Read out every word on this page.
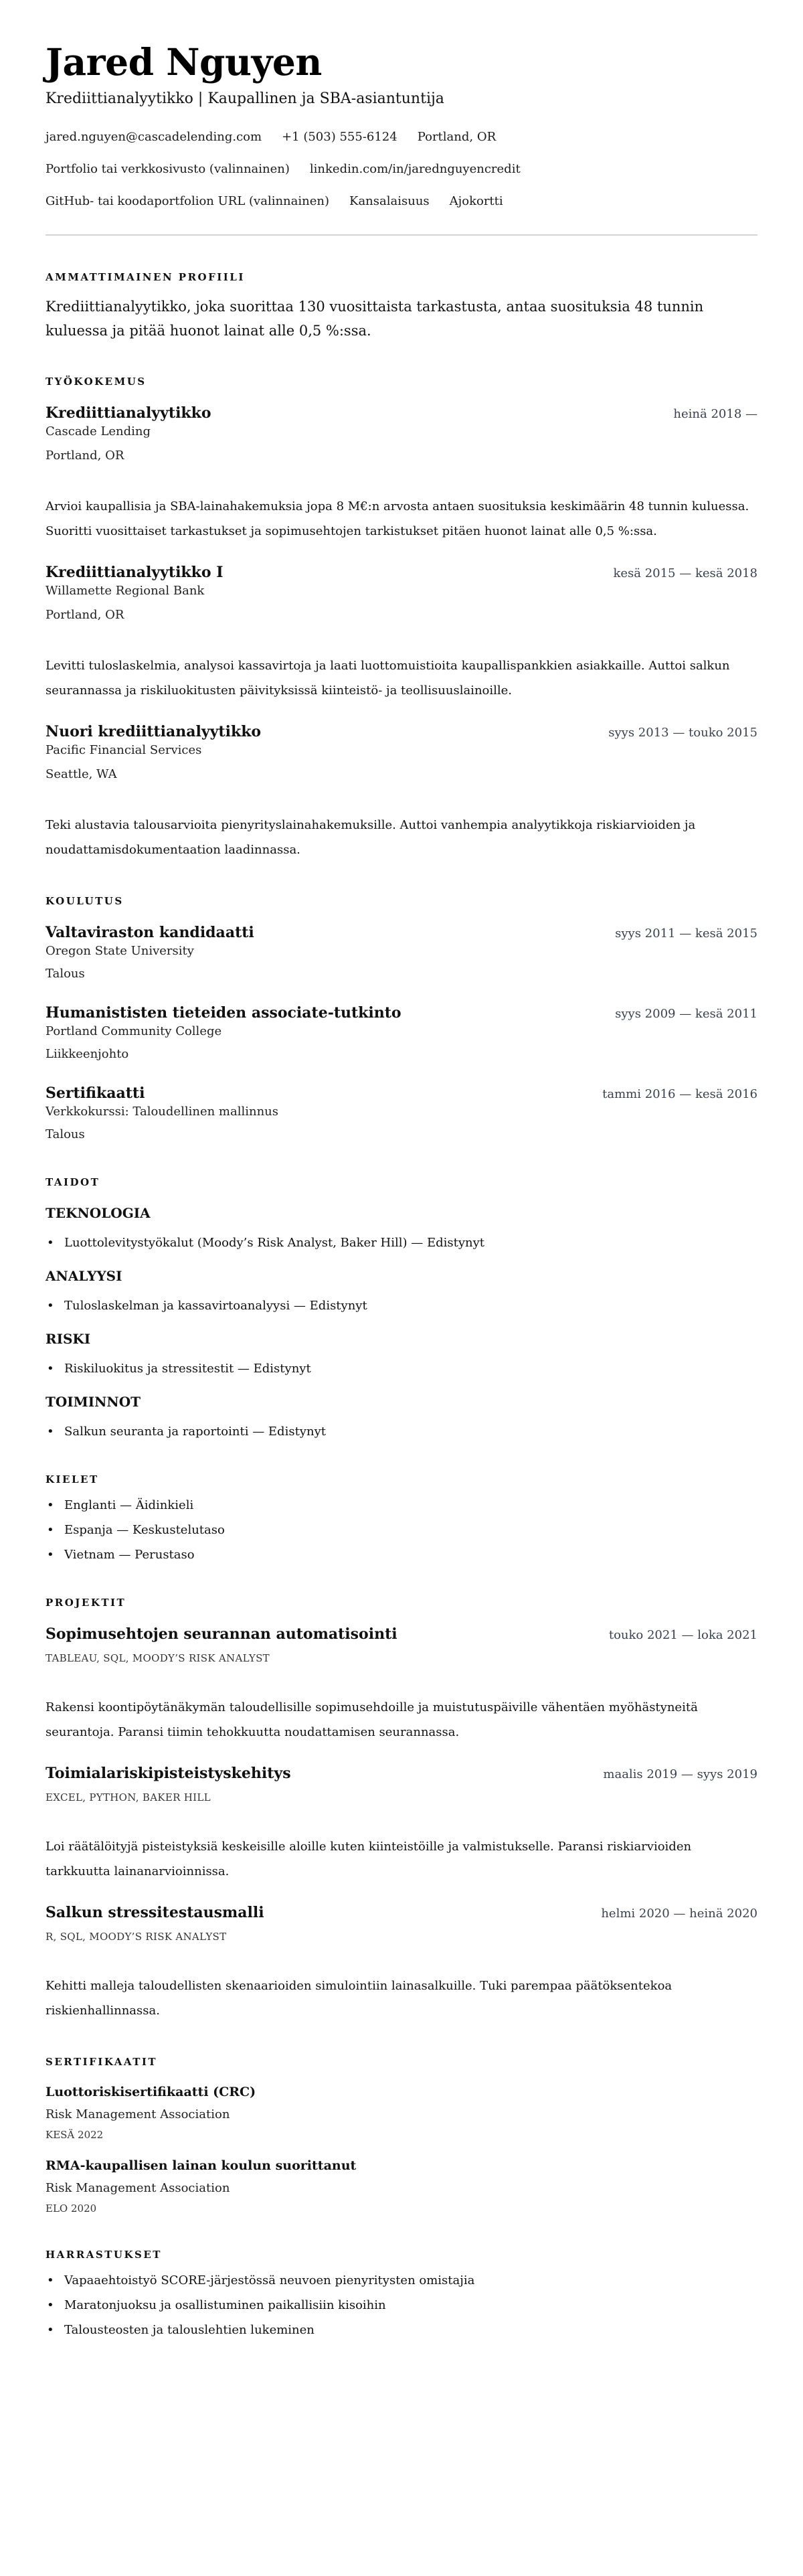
Jared Nguyen
Krediittianalyytikko | Kaupallinen ja SBA-asiantuntija
jared.nguyen@cascadelending.com +1 (503) 555-6124 Portland, OR
Portfolio tai verkkosivusto (valinnainen) linkedin.com/in/jarednguyencredit
GitHub- tai koodaportfolion URL (valinnainen) Kansalaisuus Ajokortti
AMMATTIMAINEN PROFIILI

Krediittianalyytikko, joka suorittaa 130 vuosittaista tarkastusta, antaa suosituksia 48 tunnin kuluessa ja pitää huonot lainat alle 0,5 %:ssa.

TYÖKOKEMUS
Krediittianalyytikko	heinä 2018 —
Cascade Lending
Portland, OR

Arvioi kaupallisia ja SBA-lainahakemuksia jopa 8 M€:n arvosta antaen suosituksia keskimäärin 48 tunnin kuluessa. Suoritti vuosittaiset tarkastukset ja sopimusehtojen tarkistukset pitäen huonot lainat alle 0,5 %:ssa.

Krediittianalyytikko I	kesä 2015 — kesä 2018
Willamette Regional Bank
Portland, OR

Levitti tuloslaskelmia, analysoi kassavirtoja ja laati luottomuistioita kaupallispankkien asiakkaille. Auttoi salkun seurannassa ja riskiluokitusten päivityksissä kiinteistö- ja teollisuuslainoille.

Nuori krediittianalyytikko	syys 2013 — touko 2015
Pacific Financial Services
Seattle, WA

Teki alustavia talousarvioita pienyrityslainahakemuksille. Auttoi vanhempia analyytikkoja riskiarvioiden ja noudattamisdokumentaation laadinnassa.

KOULUTUS
Valtaviraston kandidaatti	syys 2011 — kesä 2015
Oregon State University
Talous
Humanististen tieteiden associate-tutkinto	syys 2009 — kesä 2011
Portland Community College
Liikkeenjohto
Sertifikaatti	tammi 2016 — kesä 2016
Verkkokurssi: Taloudellinen mallinnus
Talous
TAIDOT
TEKNOLOGIA
• Luottolevitystyökalut (Moody’s Risk Analyst, Baker Hill) — Edistynyt
ANALYYSI
• Tuloslaskelman ja kassavirtoanalyysi — Edistynyt
RISKI
• Riskiluokitus ja stressitestit — Edistynyt
TOIMINNOT
• Salkun seuranta ja raportointi — Edistynyt
KIELET
• Englanti — Äidinkieli
• Espanja — Keskustelutaso
• Vietnam — Perustaso
PROJEKTIT
Sopimusehtojen seurannan automatisointi	touko 2021 — loka 2021
TABLEAU, SQL, MOODY’S RISK ANALYST

Rakensi koontipöytänäkymän taloudellisille sopimusehdoille ja muistutuspäiville vähentäen myöhästyneitä seurantoja. Paransi tiimin tehokkuutta noudattamisen seurannassa.

Toimialariskipisteistyskehitys	maalis 2019 — syys 2019
EXCEL, PYTHON, BAKER HILL

Loi räätälöityjä pisteistyksiä keskeisille aloille kuten kiinteistöille ja valmistukselle. Paransi riskiarvioiden tarkkuutta lainanarvioinnissa.

Salkun stressitestausmalli	helmi 2020 — heinä 2020
R, SQL, MOODY’S RISK ANALYST

Kehitti malleja taloudellisten skenaarioiden simulointiin lainasalkuille. Tuki parempaa päätöksentekoa riskienhallinnassa.

SERTIFIKAATIT
Luottoriskisertifikaatti (CRC)
Risk Management Association
KESÄ 2022
RMA-kaupallisen lainan koulun suorittanut
Risk Management Association
ELO 2020
HARRASTUKSET
• Vapaaehtoistyö SCORE-järjestössä neuvoen pienyritysten omistajia
• Maratonjuoksu ja osallistuminen paikallisiin kisoihin
• Talousteosten ja talouslehtien lukeminen
